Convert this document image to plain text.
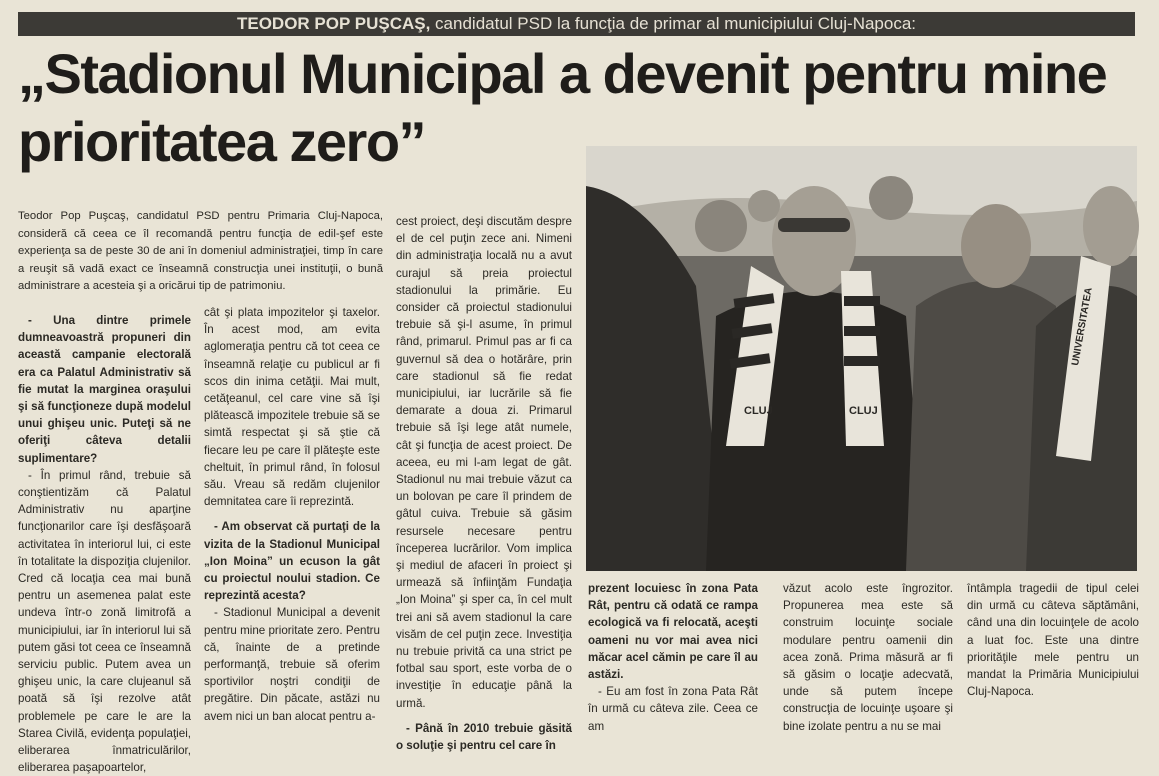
TEODOR POP PUŞCAŞ, candidatul PSD la funcţia de primar al municipiului Cluj-Napoca:
„Stadionul Municipal a devenit pentru mine prioritatea zero”

Teodor Pop Puşcaş, candidatul PSD pentru Primaria Cluj-Napoca, consideră că ceea ce îl recomandă pentru funcţia de edil-şef este experienţa sa de peste 30 de ani în domeniul administraţiei, timp în care a reuşit să vadă exact ce înseamnă construcţia unei instituţii, o bună administrare a acesteia şi a oricărui tip de patrimoniu.

- Una dintre primele dumneavoastră propuneri din această campanie electorală era ca Palatul Administrativ să fie mutat la marginea oraşului şi să funcţioneze după modelul unui ghişeu unic. Puteţi să ne oferiţi câteva detalii suplimentare?

- În primul rând, trebuie să conştientizăm că Palatul Administrativ nu aparţine funcţionarilor care îşi desfăşoară activitatea în interiorul lui, ci este în totalitate la dispoziţia clujenilor. Cred că locaţia cea mai bună pentru un asemenea palat este undeva într-o zonă limitrofă a municipiului, iar în interiorul lui să putem găsi tot ceea ce înseamnă serviciu public. Putem avea un ghişeu unic, la care clujeanul să poată să îşi rezolve atât problemele pe care le are la Starea Civilă, evidenţa populaţiei, eliberarea înmatriculărilor, eliberarea paşapoartelor,

cât şi plata impozitelor şi taxelor. În acest mod, am evita aglomeraţia pentru că tot ceea ce înseamnă relaţie cu publicul ar fi scos din inima cetăţii. Mai mult, cetăţeanul, cel care vine să îşi plătească impozitele trebuie să se simtă respectat şi să ştie că fiecare leu pe care îl plăteşte este cheltuit, în primul rând, în folosul său. Vreau să redăm clujenilor demnitatea care îi reprezintă.

- Am observat că purtaţi de la vizita de la Stadionul Municipal „Ion Moina” un ecuson la gât cu proiectul noului stadion. Ce reprezintă acesta?

- Stadionul Municipal a devenit pentru mine prioritate zero. Pentru că, înainte de a pretinde performanţă, trebuie să oferim sportivilor noştri condiţii de pregătire. Din păcate, astăzi nu avem nici un ban alocat pentru a-

cest proiect, deşi discutăm despre el de cel puţin zece ani. Nimeni din administraţia locală nu a avut curajul să preia proiectul stadionului la primărie. Eu consider că proiectul stadionului trebuie să şi-l asume, în primul rând, primarul. Primul pas ar fi ca guvernul să dea o hotărâre, prin care stadionul să fie redat municipiului, iar lucrările să fie demarate a doua zi. Primarul trebuie să îşi lege atât numele, cât şi funcţia de acest proiect. De aceea, eu mi l-am legat de gât. Stadionul nu mai trebuie văzut ca un bolovan pe care îl prindem de gâtul cuiva. Trebuie să găsim resursele necesare pentru începerea lucrărilor. Vom implica şi mediul de afaceri în proiect şi urmează să înfiinţăm Fundaţia „Ion Moina” şi sper ca, în cel mult trei ani să avem stadionul la care visăm de cel puţin zece. Investiţia nu trebuie privită ca una strict pe fotbal sau sport, este vorba de o investiţie în educaţie până la urmă.

- Până în 2010 trebuie găsită o soluţie şi pentru cel care în

CLUJ	CLUJ
UNIVERSITATEA

prezent locuiesc în zona Pata Rât, pentru că odată ce rampa ecologică va fi relocată, aceşti oameni nu vor mai avea nici măcar acel cămin pe care îl au astăzi.

- Eu am fost în zona Pata Rât în urmă cu câteva zile. Ceea ce am

văzut acolo este îngrozitor. Propunerea mea este să construim locuinţe sociale modulare pentru oamenii din acea zonă. Prima măsură ar fi să găsim o locaţie adecvată, unde să putem începe construcţia de locuinţe uşoare şi bine izolate pentru a nu se mai

întâmpla tragedii de tipul celei din urmă cu câteva săptămâni, când una din locuinţele de acolo a luat foc. Este una dintre priorităţile mele pentru un mandat la Primăria Municipiului Cluj-Napoca.
